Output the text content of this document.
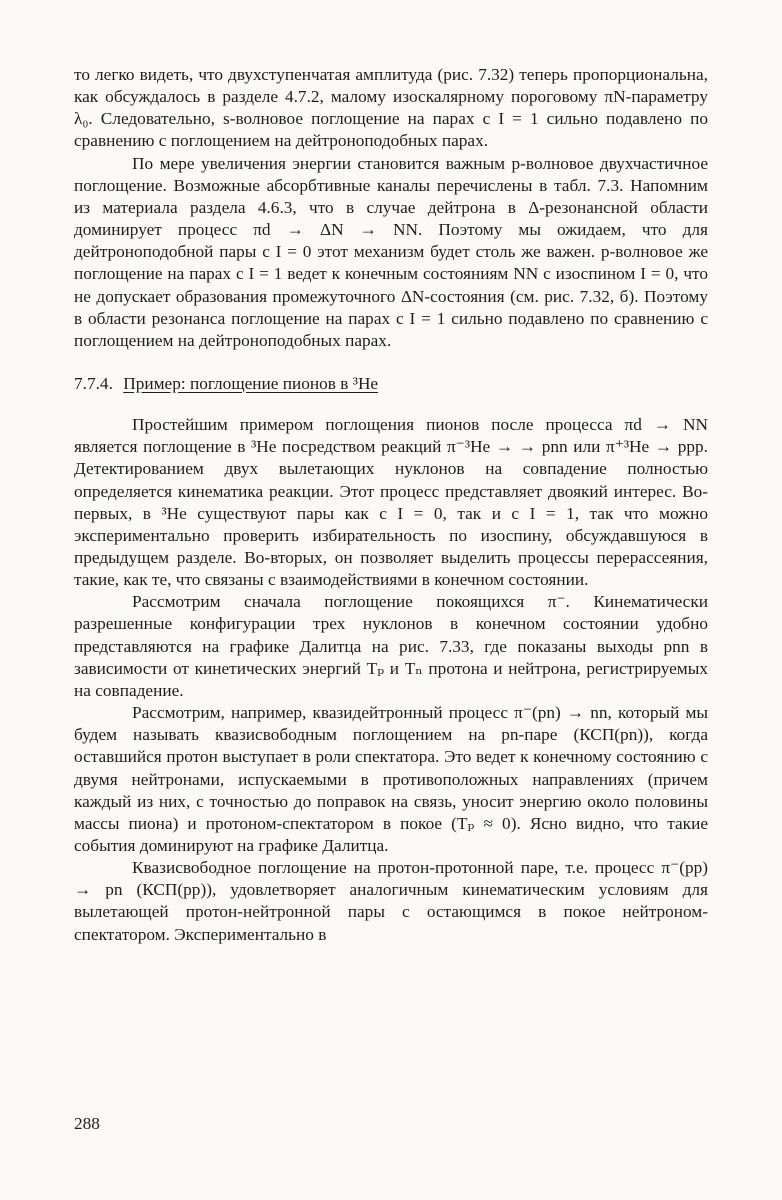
то легко видеть, что двухступенчатая амплитуда (рис. 7.32) теперь пропорциональна, как обсуждалось в разделе 4.7.2, малому изоскалярному пороговому πN-параметру λ₀. Следовательно, s-волновое поглощение на парах с I = 1 сильно подавлено по сравнению с поглощением на дейтроноподобных парах.

По мере увеличения энергии становится важным p-волновое двухчастичное поглощение. Возможные абсорбтивные каналы перечислены в табл. 7.3. Напомним из материала раздела 4.6.3, что в случае дейтрона в Δ-резонансной области доминирует процесс πd → ΔN → NN. Поэтому мы ожидаем, что для дейтроноподобной пары с I = 0 этот механизм будет столь же важен. p-волновое же поглощение на парах с I = 1 ведет к конечным состояниям NN с изоспином I = 0, что не допускает образования промежуточного ΔN-состояния (см. рис. 7.32, б). Поэтому в области резонанса поглощение на парах с I = 1 сильно подавлено по сравнению с поглощением на дейтроноподобных парах.

7.7.4. Пример: поглощение пионов в ³He

Простейшим примером поглощения пионов после процесса πd → NN является поглощение в ³He посредством реакций π⁻³He → → pnn или π⁺³He → ppp. Детектированием двух вылетающих нуклонов на совпадение полностью определяется кинематика реакции. Этот процесс представляет двоякий интерес. Во-первых, в ³He существуют пары как с I = 0, так и с I = 1, так что можно экспериментально проверить избирательность по изоспину, обсуждавшуюся в предыдущем разделе. Во-вторых, он позволяет выделить процессы перерассеяния, такие, как те, что связаны с взаимодействиями в конечном состоянии.

Рассмотрим сначала поглощение покоящихся π⁻. Кинематически разрешенные конфигурации трех нуклонов в конечном состоянии удобно представляются на графике Далитца на рис. 7.33, где показаны выходы pnn в зависимости от кинетических энергий Tₚ и Tₙ протона и нейтрона, регистрируемых на совпадение.

Рассмотрим, например, квазидейтронный процесс π⁻(pn) → nn, который мы будем называть квазисвободным поглощением на pn-паре (КСП(pn)), когда оставшийся протон выступает в роли спектатора. Это ведет к конечному состоянию с двумя нейтронами, испускаемыми в противоположных направлениях (причем каждый из них, с точностью до поправок на связь, уносит энергию около половины массы пиона) и протоном-спектатором в покое (Tₚ ≈ 0). Ясно видно, что такие события доминируют на графике Далитца.

Квазисвободное поглощение на протон-протонной паре, т.е. процесс π⁻(pp) → pn (КСП(pp)), удовлетворяет аналогичным кинематическим условиям для вылетающей протон-нейтронной пары с остающимся в покое нейтроном-спектатором. Экспериментально в

288
